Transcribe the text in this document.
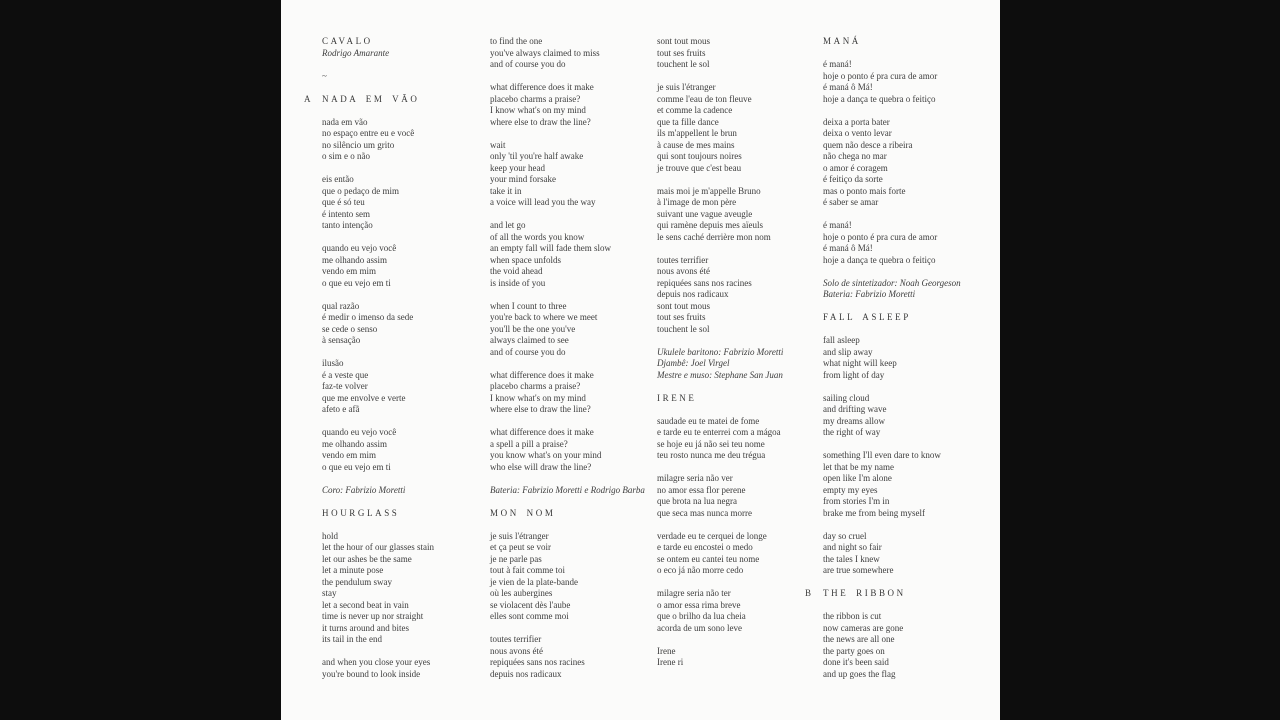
CAVALO
Rodrigo Amarante
~
A NADA EM VÃO
nada em vão
no espaço entre eu e você
no silêncio um grito
o sim e o não
eis então
que o pedaço de mim
que é só teu
é intento sem
tanto intenção
quando eu vejo você
me olhando assim
vendo em mim
o que eu vejo em ti
qual razão
é medir o imenso da sede
se cede o senso
à sensação
ilusão
é a veste que
faz-te volver
que me envolve e verte
afeto e afã
quando eu vejo você
me olhando assim
vendo em mim
o que eu vejo em ti
Coro: Fabrizio Moretti
HOURGLASS
hold
let the hour of our glasses stain
let our ashes be the same
let a minute pose
the pendulum sway
stay
let a second beat in vain
time is never up nor straight
it turns around and bites
its tail in the end
and when you close your eyes
you're bound to look inside
to find the one
you've always claimed to miss
and of course you do
what difference does it make
placebo charms a praise?
I know what's on my mind
where else to draw the line?
wait
only 'til you're half awake
keep your head
your mind forsake
take it in
a voice will lead you the way
and let go
of all the words you know
an empty fall will fade them slow
when space unfolds
the void ahead
is inside of you
when I count to three
you're back to where we meet
you'll be the one you've
always claimed to see
and of course you do
what difference does it make
placebo charms a praise?
I know what's on my mind
where else to draw the line?
what difference does it make
a spell a pill a praise?
you know what's on your mind
who else will draw the line?
Bateria: Fabrizio Moretti e Rodrigo Barba
MON NOM
je suis l'étranger
et ça peut se voir
je ne parle pas
tout à fait comme toi
je vien de la plate-bande
où les aubergines
se violacent dès l'aube
elles sont comme moi
toutes terrifier
nous avons été
repiquées sans nos racines
depuis nos radicaux
sont tout mous
tout ses fruits
touchent le sol
je suis l'étranger
comme l'eau de ton fleuve
et comme la cadence
que ta fille dance
ils m'appellent le brun
à cause de mes mains
qui sont toujours noires
je trouve que c'est beau
mais moi je m'appelle Bruno
à l'image de mon père
suivant une vague aveugle
qui ramène depuis mes aïeuls
le sens caché derrière mon nom
toutes terrifier
nous avons été
repiquées sans nos racines
depuis nos radicaux
sont tout mous
tout ses fruits
touchent le sol
Ukulele baritono: Fabrizio Moretti
Djambê: Joel Virgel
Mestre e muso: Stephane San Juan
IRENE
saudade eu te matei de fome
e tarde eu te enterrei com a mágoa
se hoje eu já não sei teu nome
teu rosto nunca me deu trégua
milagre seria não ver
no amor essa flor perene
que brota na lua negra
que seca mas nunca morre
verdade eu te cerquei de longe
e tarde eu encostei o medo
se ontem eu cantei teu nome
o eco já não morre cedo
milagre seria não ter
o amor essa rima breve
que o brilho da lua cheia
acorda de um sono leve
Irene
Irene ri
MANÁ
é maná!
hoje o ponto é pra cura de amor
é maná ô Má!
hoje a dança te quebra o feitiço
deixa a porta bater
deixa o vento levar
quem não desce a ribeira
não chega no mar
o amor é coragem
é feitiço da sorte
mas o ponto mais forte
é saber se amar
é maná!
hoje o ponto é pra cura de amor
é maná ô Má!
hoje a dança te quebra o feitiço
Solo de sintetizador: Noah Georgeson
Bateria: Fabrizio Moretti
FALL ASLEEP
fall asleep
and slip away
what night will keep
from light of day
sailing cloud
and drifting wave
my dreams allow
the right of way
something I'll even dare to know
let that be my name
open like I'm alone
empty my eyes
from stories I'm in
brake me from being myself
day so cruel
and night so fair
the tales I knew
are true somewhere
B THE RIBBON
the ribbon is cut
now cameras are gone
the news are all one
the party goes on
done it's been said
and up goes the flag
